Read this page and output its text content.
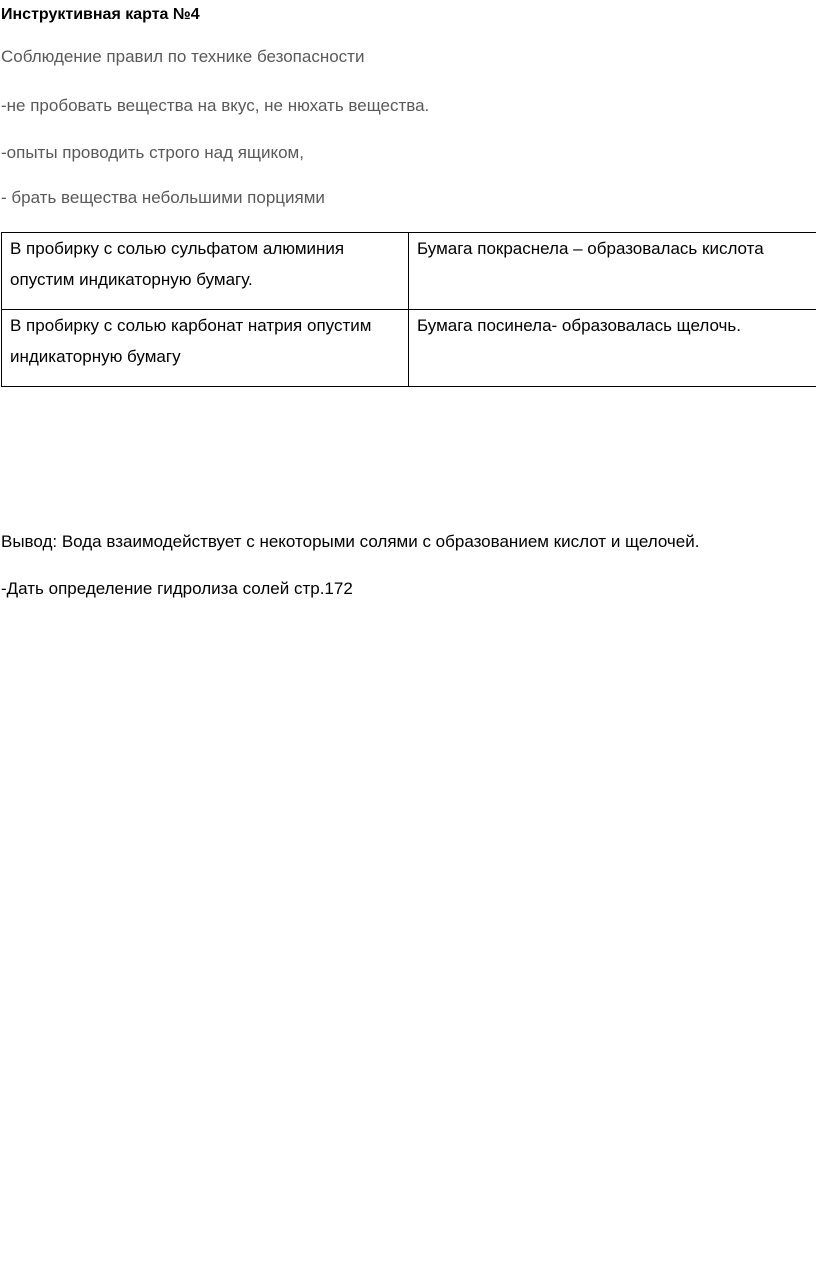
Инструктивная карта №4
Соблюдение правил по технике безопасности
-не пробовать вещества на вкус, не нюхать вещества.
-опыты проводить строго над ящиком,
- брать вещества небольшими порциями
В пробирку с солью сульфатом алюминия опустим индикаторную бумагу.	Бумага покраснела – образовалась кислота

В пробирку с солью карбонат натрия опустим индикаторную бумагу	Бумага посинела- образовалась щелочь.
Вывод: Вода взаимодействует с некоторыми солями с образованием кислот и щелочей.
-Дать определение гидролиза солей стр.172
